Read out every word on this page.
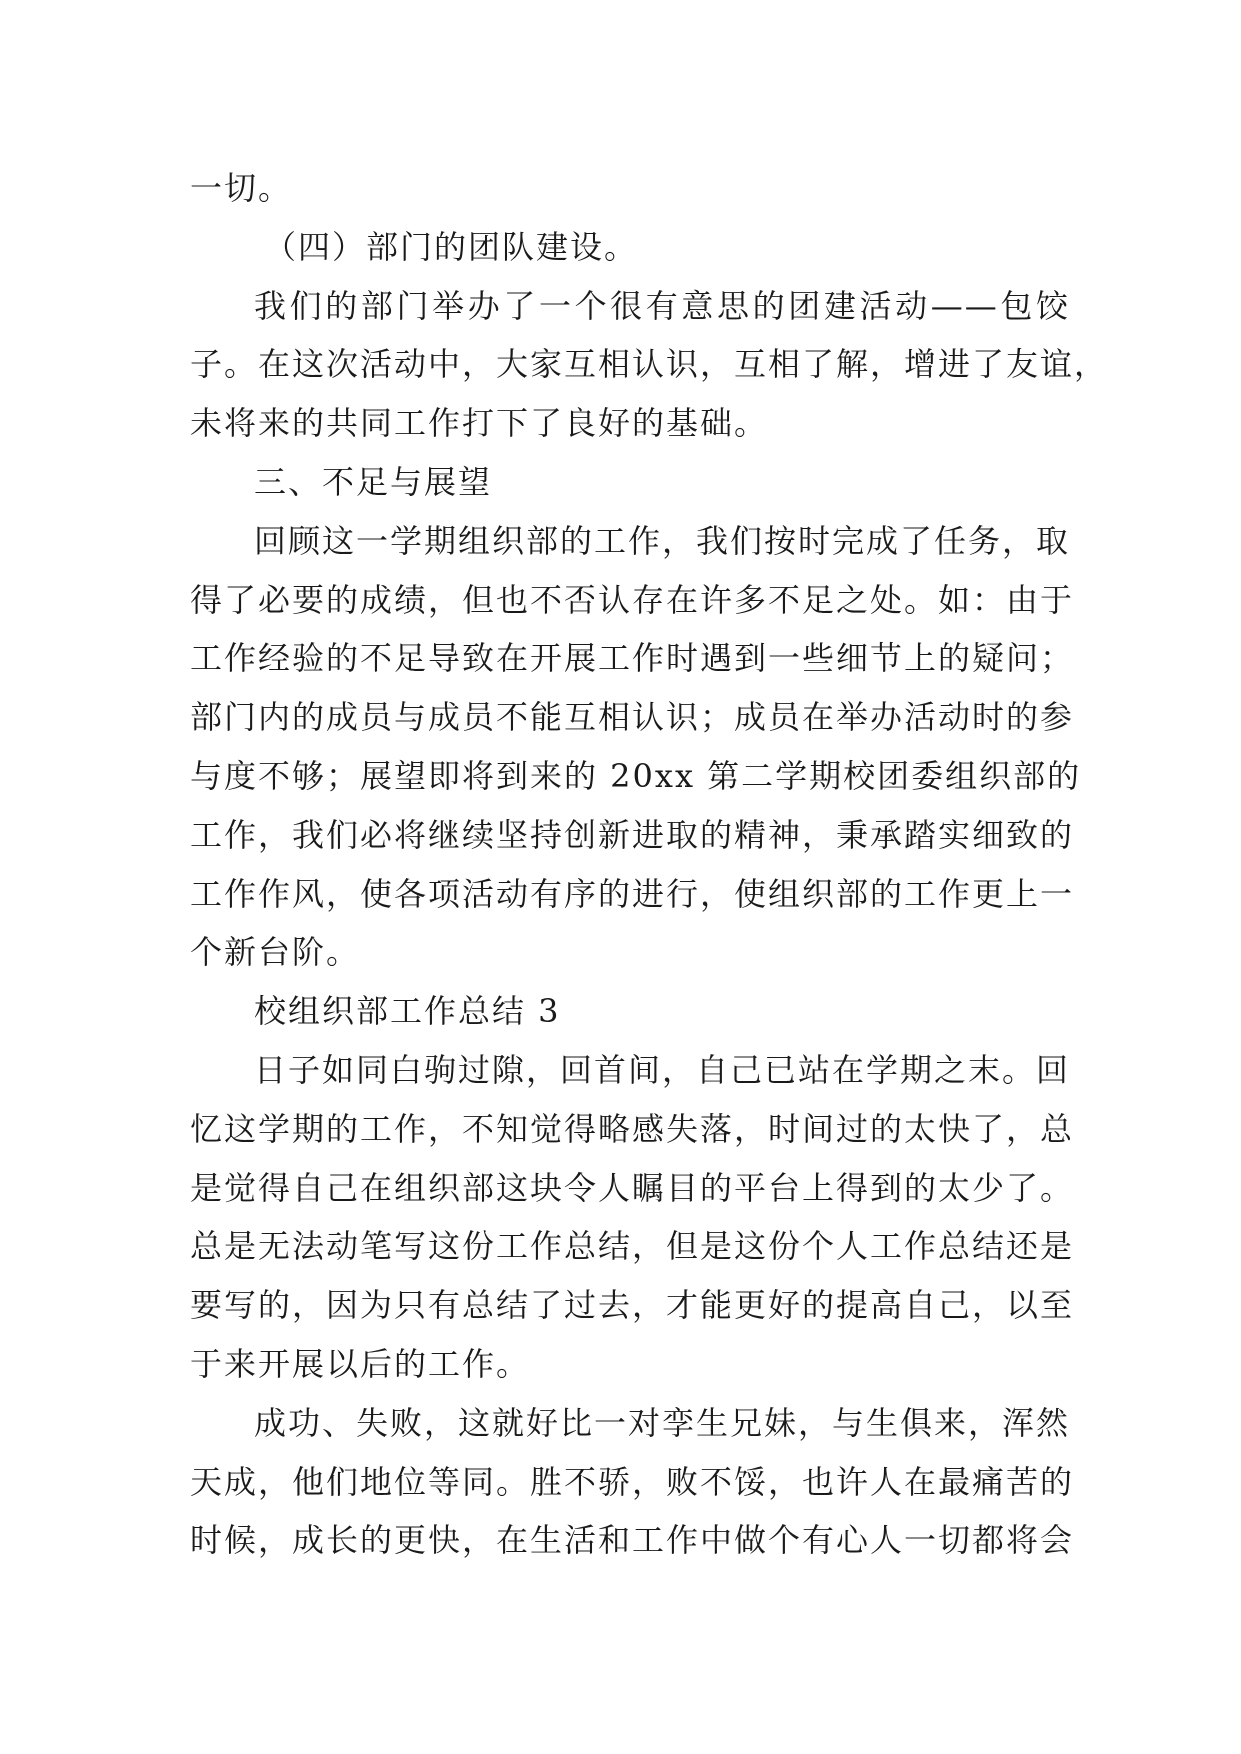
一切。
（四）部门的团队建设。
我们的部门举办了一个很有意思的团建活动——包饺
子。在这次活动中，大家互相认识，互相了解，增进了友谊，
未将来的共同工作打下了良好的基础。
三、不足与展望
回顾这一学期组织部的工作，我们按时完成了任务，取
得了必要的成绩，但也不否认存在许多不足之处。如：由于
工作经验的不足导致在开展工作时遇到一些细节上的疑问；
部门内的成员与成员不能互相认识；成员在举办活动时的参
与度不够；展望即将到来的 20xx 第二学期校团委组织部的
工作，我们必将继续坚持创新进取的精神，秉承踏实细致的
工作作风，使各项活动有序的进行，使组织部的工作更上一
个新台阶。
校组织部工作总结 3
日子如同白驹过隙，回首间，自己已站在学期之末。回
忆这学期的工作，不知觉得略感失落，时间过的太快了，总
是觉得自己在组织部这块令人瞩目的平台上得到的太少了。
总是无法动笔写这份工作总结，但是这份个人工作总结还是
要写的，因为只有总结了过去，才能更好的提高自己，以至
于来开展以后的工作。
成功、失败，这就好比一对孪生兄妹，与生俱来，浑然
天成，他们地位等同。胜不骄，败不馁，也许人在最痛苦的
时候，成长的更快，在生活和工作中做个有心人一切都将会
